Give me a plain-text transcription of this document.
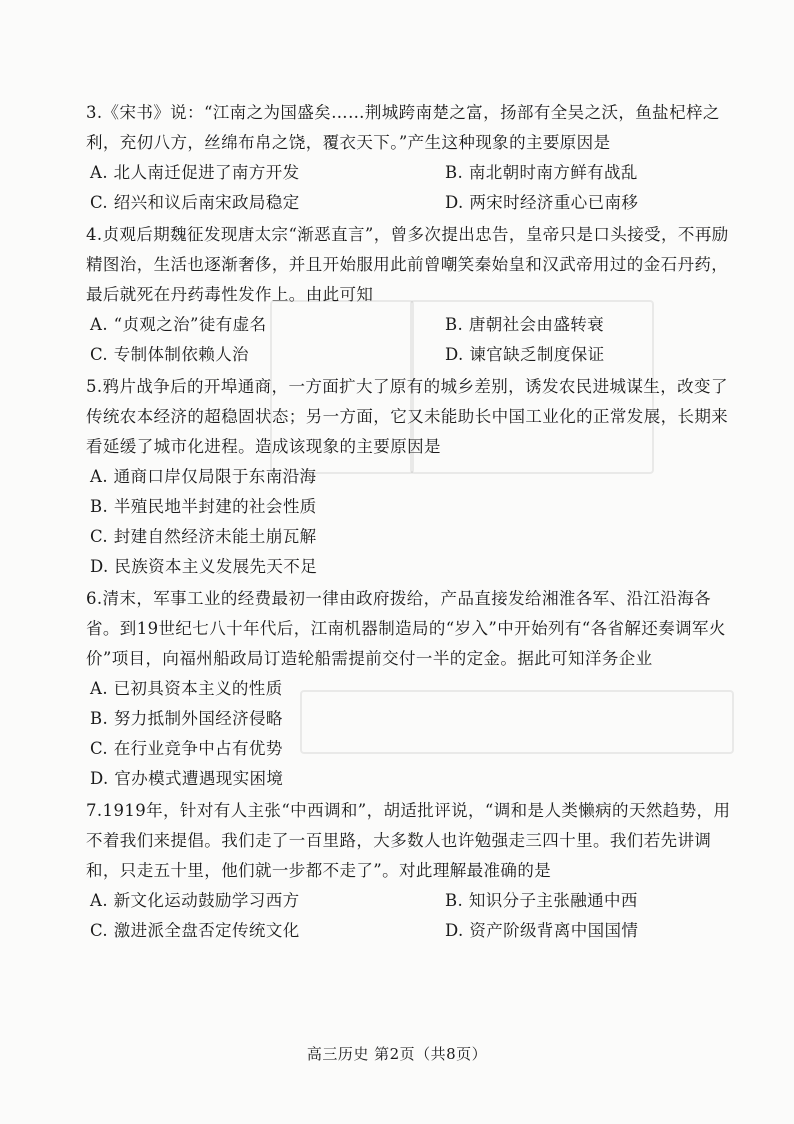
3.《宋书》说：“江南之为国盛矣……荆城跨南楚之富，扬部有全吴之沃，鱼盐杞梓之利，充仞八方，丝绵布帛之饶，覆衣天下。”产生这种现象的主要原因是

A. 北人南迁促进了南方开发	B. 南北朝时南方鲜有战乱
C. 绍兴和议后南宋政局稳定	D. 两宋时经济重心已南移

4.贞观后期魏征发现唐太宗“渐恶直言”，曾多次提出忠告，皇帝只是口头接受，不再励精图治，生活也逐渐奢侈，并且开始服用此前曾嘲笑秦始皇和汉武帝用过的金石丹药，最后就死在丹药毒性发作上。由此可知

A. “贞观之治”徒有虚名	B. 唐朝社会由盛转衰
C. 专制体制依赖人治	D. 谏官缺乏制度保证

5.鸦片战争后的开埠通商，一方面扩大了原有的城乡差别，诱发农民进城谋生，改变了传统农本经济的超稳固状态；另一方面，它又未能助长中国工业化的正常发展，长期来看延缓了城市化进程。造成该现象的主要原因是

A. 通商口岸仅局限于东南沿海
B. 半殖民地半封建的社会性质
C. 封建自然经济未能土崩瓦解
D. 民族资本主义发展先天不足

6.清末，军事工业的经费最初一律由政府拨给，产品直接发给湘淮各军、沿江沿海各省。到19世纪七八十年代后，江南机器制造局的“岁入”中开始列有“各省解还奏调军火价”项目，向福州船政局订造轮船需提前交付一半的定金。据此可知洋务企业

A. 已初具资本主义的性质
B. 努力抵制外国经济侵略
C. 在行业竞争中占有优势
D. 官办模式遭遇现实困境

7.1919年，针对有人主张“中西调和”，胡适批评说，“调和是人类懒病的天然趋势，用不着我们来提倡。我们走了一百里路，大多数人也许勉强走三四十里。我们若先讲调和，只走五十里，他们就一步都不走了”。对此理解最准确的是

A. 新文化运动鼓励学习西方	B. 知识分子主张融通中西
C. 激进派全盘否定传统文化	D. 资产阶级背离中国国情
高三历史 第2页（共8页）
